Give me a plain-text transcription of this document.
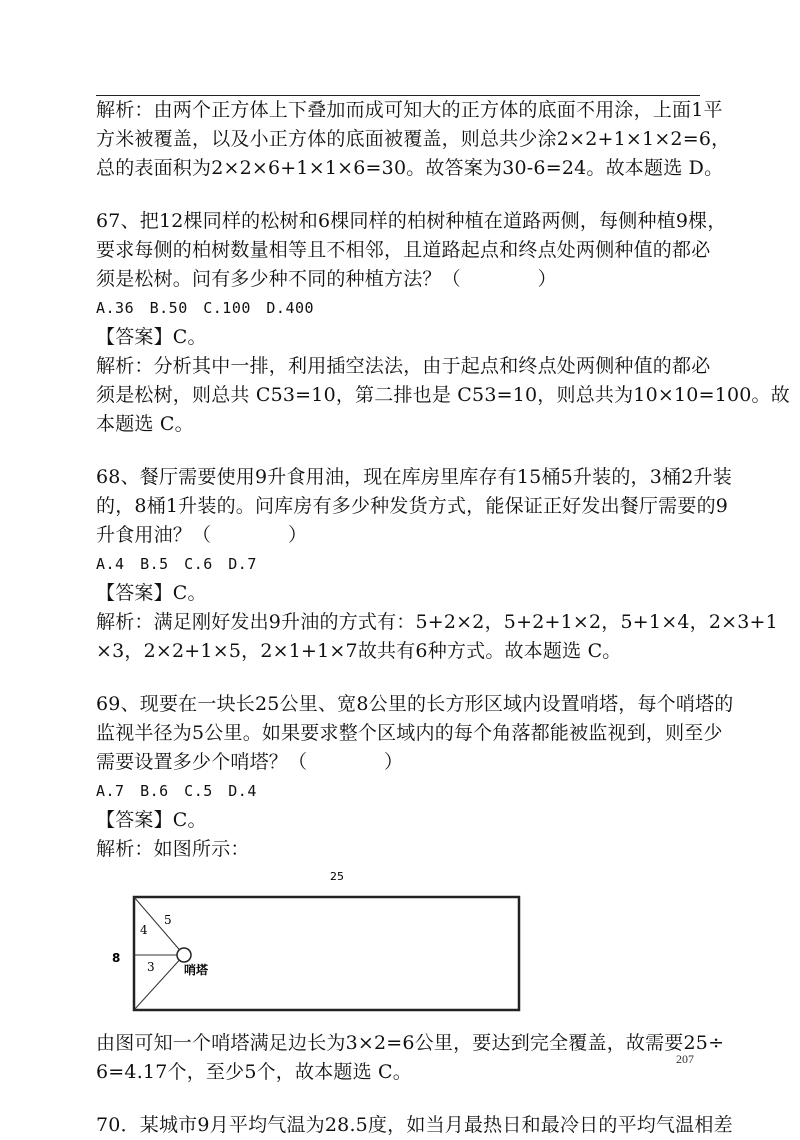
解析：由两个正方体上下叠加而成可知大的正方体的底面不用涂，上面1平
方米被覆盖，以及小正方体的底面被覆盖，则总共少涂2×2+1×1×2=6，
总的表面积为2×2×6+1×1×6=30。故答案为30-6=24。故本题选 D。
67、把12棵同样的松树和6棵同样的柏树种植在道路两侧，每侧种植9棵，
要求每侧的柏树数量相等且不相邻，且道路起点和终点处两侧种值的都必
须是松树。问有多少种不同的种植方法？（　　　　）
A.36　B.50　C.100　D.400
【答案】C。
解析：分析其中一排，利用插空法法，由于起点和终点处两侧种值的都必
须是松树，则总共 C53=10，第二排也是 C53=10，则总共为10×10=100。故
本题选 C。
68、餐厅需要使用9升食用油，现在库房里库存有15桶5升装的，3桶2升装
的，8桶1升装的。问库房有多少种发货方式，能保证正好发出餐厅需要的9
升食用油？（　　　　）
A.4　B.5　C.6　D.7
【答案】C。
解析：满足刚好发出9升油的方式有：5+2×2，5+2+1×2，5+1×4，2×3+1
×3，2×2+1×5，2×1+1×7故共有6种方式。故本题选 C。
69、现要在一块长25公里、宽8公里的长方形区域内设置哨塔，每个哨塔的
监视半径为5公里。如果要求整个区域内的每个角落都能被监视到，则至少
需要设置多少个哨塔？（　　　　）
A.7　B.6　C.5　D.4
【答案】C。
解析：如图所示：
25
8
5
4
3 哨塔
由图可知一个哨塔满足边长为3×2=6公里，要达到完全覆盖，故需要25÷
6=4.17个，至少5个，故本题选 C。
70．某城市9月平均气温为28.5度，如当月最热日和最冷日的平均气温相差
207
